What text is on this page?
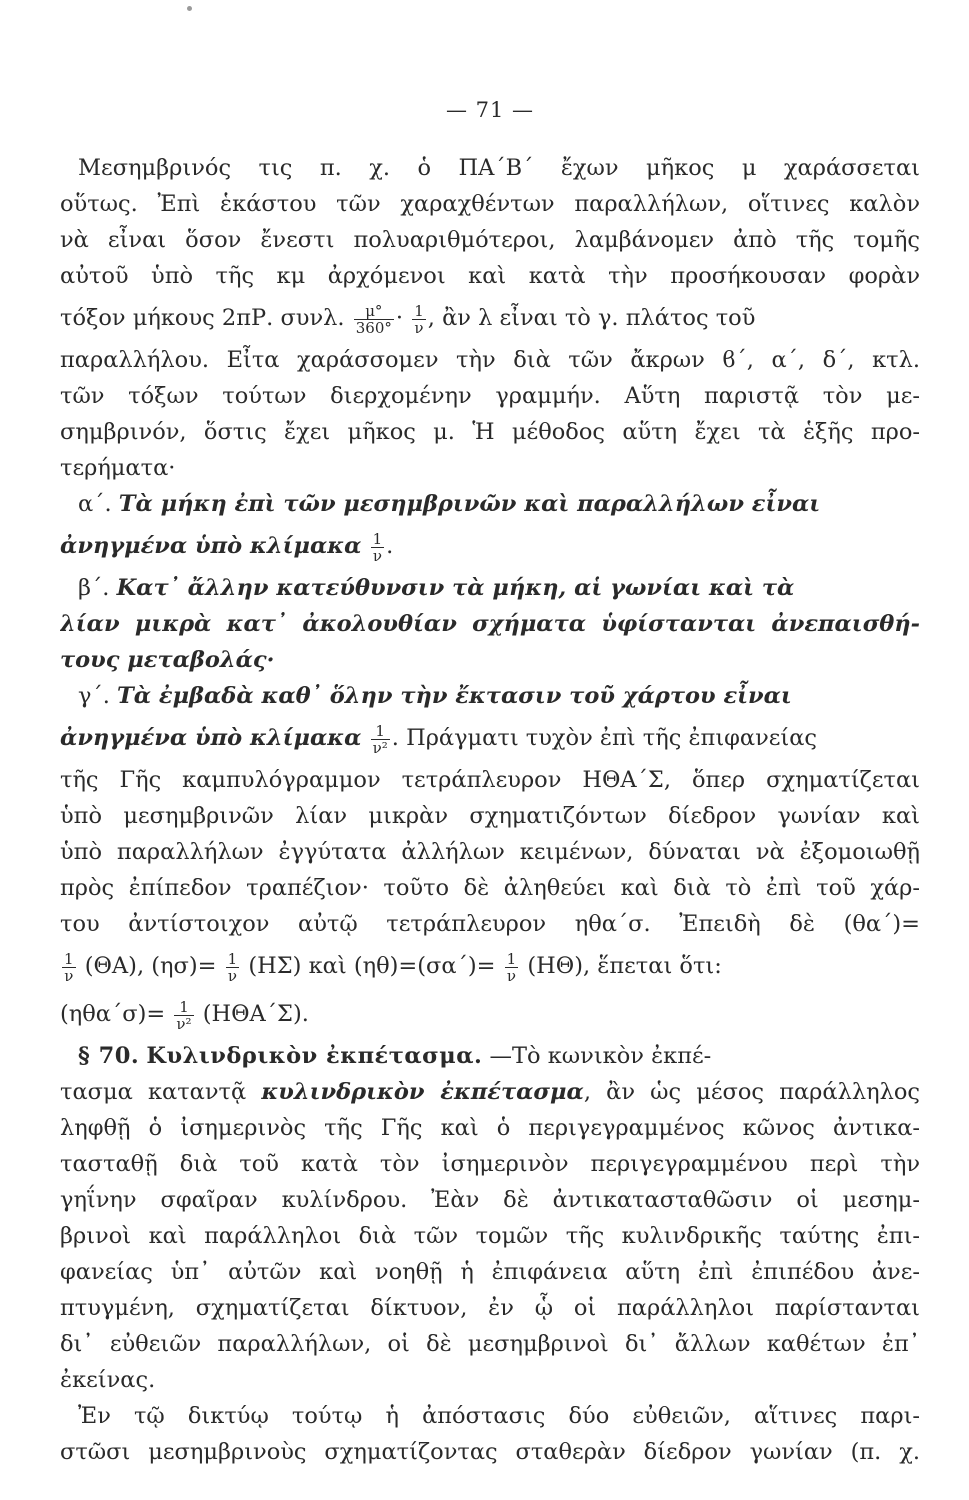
— 71 —
Μεσημβρινός τις π. χ. ὁ ΠΑ΄Β΄ ἔχων μῆκος μ χαράσσεται
οὕτως. Ἐπὶ ἑκάστου τῶν χαραχθέντων παραλλήλων, οἵτινες καλὸν
νὰ εἶναι ὅσον ἔνεστι πολυαριθμότεροι, λαμβάνομεν ἀπὸ τῆς τομῆς
αὐτοῦ ὑπὸ τῆς κμ ἀρχόμενοι καὶ κατὰ τὴν προσήκουσαν φορὰν
τόξον μήκους 2πΡ. συνλ. $\frac{\mu^\circ}{360^\circ} \cdot \frac{1}{\nu}$ , ἂν λ εἶναι τὸ γ. πλάτος τοῦ
παραλλήλου. Εἶτα χαράσσομεν τὴν διὰ τῶν ἄκρων ϐ΄, α΄, δ΄, κτλ.
τῶν τόξων τούτων διερχομένην γραμμήν. Αὕτη παριστᾷ τὸν με-
σημβρινόν, ὅστις ἔχει μῆκος μ. Ἡ μέθοδος αὕτη ἔχει τὰ ἑξῆς προ-
τερήματα·
α΄. Τὰ μήκη ἐπὶ τῶν μεσημβρινῶν καὶ παραλλήλων εἶναι
ἀνηγμένα ὑπὸ κλίμακα $\frac{1}{\nu}$ .
β΄. Κατ᾽ ἄλλην κατεύθυνσιν τὰ μήκη, αἱ γωνίαι καὶ τὰ
λίαν μικρὰ κατ᾽ ἀκολουθίαν σχήματα ὑφίστανται ἀνεπαισθή-
τους μεταβολάς·
γ΄. Τὰ ἐμβαδὰ καθ᾽ ὅλην τὴν ἔκτασιν τοῦ χάρτου εἶναι
ἀνηγμένα ὑπὸ κλίμακα $\frac{1}{\text{ν²}}$ . Πράγματι τυχὸν ἐπὶ τῆς ἐπιφανείας
τῆς Γῆς καμπυλόγραμμον τετράπλευρον ΗΘΑ΄Σ, ὅπερ σχηματίζεται
ὑπὸ μεσημβρινῶν λίαν μικρὰν σχηματιζόντων δίεδρον γωνίαν καὶ
ὑπὸ παραλλήλων ἐγγύτατα ἀλλήλων κειμένων, δύναται νὰ ἐξομοιωθῇ
πρὸς ἐπίπεδον τραπέζιον· τοῦτο δὲ ἀληθεύει καὶ διὰ τὸ ἐπὶ τοῦ χάρ-
του ἀντίστοιχον αὐτῷ τετράπλευρον ηθα΄σ. Ἐπειδὴ δὲ (θα΄)=
$\frac{1}{\nu} (\Theta A)$, $(\eta\sigma)= \frac{1}{\nu} (H\Sigma)$ καὶ $(\eta\theta)=(\sigma\alpha΄)= \frac{1}{\nu} (H\Theta)$, ἕπεται ὅτι:
$(\eta\theta\alpha΄\sigma)= \frac{1}{\text{ν²}} (H\Theta A΄\Sigma)$.
§ 70. Κυλινδρικὸν ἐκπέτασμα. —Τὸ κωνικὸν ἐκπέ-
τασμα καταντᾷ κυλινδρικὸν ἐκπέτασμα, ἂν ὡς μέσος παράλληλος
ληφθῇ ὁ ἰσημερινὸς τῆς Γῆς καὶ ὁ περιγεγραμμένος κῶνος ἀντικα-
τασταθῇ διὰ τοῦ κατὰ τὸν ἰσημερινὸν περιγεγραμμένου περὶ τὴν
γηΐνην σφαῖραν κυλίνδρου. Ἐὰν δὲ ἀντικατασταθῶσιν οἱ μεσημ-
βρινοὶ καὶ παράλληλοι διὰ τῶν τομῶν τῆς κυλινδρικῆς ταύτης ἐπι-
φανείας ὑπ᾽ αὐτῶν καὶ νοηθῇ ἡ ἐπιφάνεια αὕτη ἐπὶ ἐπιπέδου ἀνε-
πτυγμένη, σχηματίζεται δίκτυον, ἐν ᾧ οἱ παράλληλοι παρίστανται
δι᾽ εὐθειῶν παραλλήλων, οἱ δὲ μεσημβρινοὶ δι᾽ ἄλλων καθέτων ἐπ᾽
ἐκείνας.
Ἐν τῷ δικτύῳ τούτῳ ἡ ἀπόστασις δύο εὐθειῶν, αἵτινες παρι-
στῶσι μεσημβρινοὺς σχηματίζοντας σταθερὰν δίεδρον γωνίαν (π. χ.
